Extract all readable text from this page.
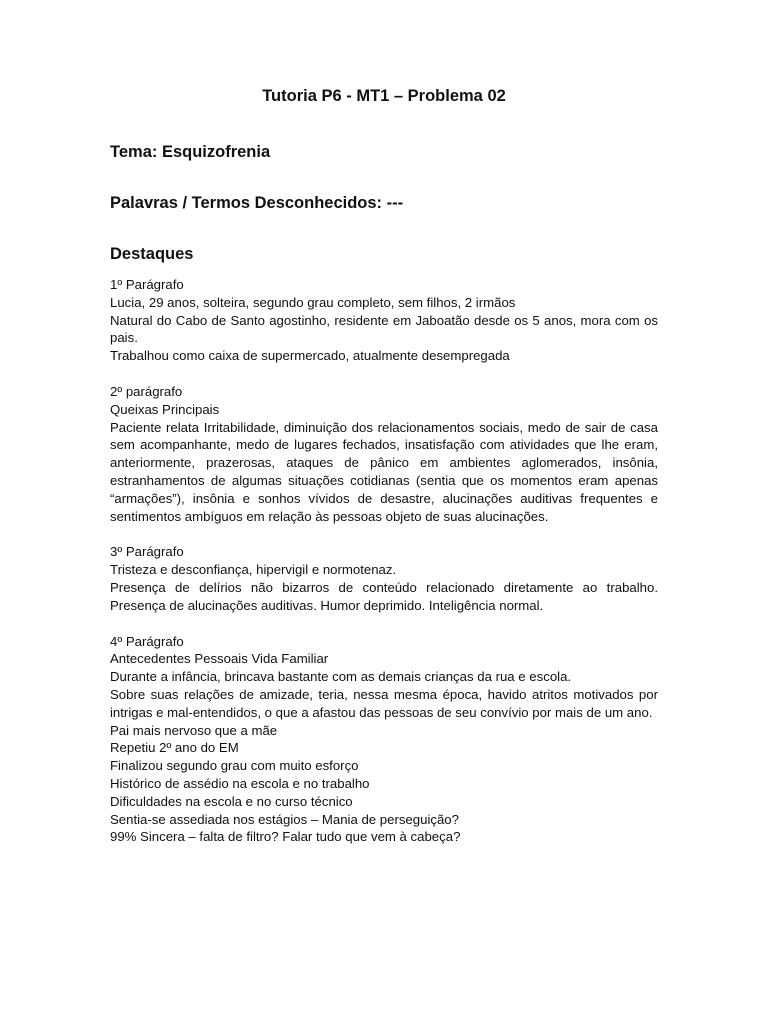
Tutoria P6 - MT1 – Problema 02
Tema: Esquizofrenia
Palavras / Termos Desconhecidos: ---
Destaques

1º Parágrafo

Lucia, 29 anos, solteira, segundo grau completo, sem filhos, 2 irmãos

Natural do Cabo de Santo agostinho, residente em Jaboatão desde os 5 anos, mora com os pais.

Trabalhou como caixa de supermercado, atualmente desempregada

2º parágrafo

Queixas Principais

Paciente relata Irritabilidade, diminuição dos relacionamentos sociais, medo de sair de casa sem acompanhante, medo de lugares fechados, insatisfação com atividades que lhe eram, anteriormente, prazerosas, ataques de pânico em ambientes aglomerados, insônia, estranhamentos de algumas situações cotidianas (sentia que os momentos eram apenas “armações”), insônia e sonhos vívidos de desastre, alucinações auditivas frequentes e sentimentos ambíguos em relação às pessoas objeto de suas alucinações.

3º Parágrafo

Tristeza e desconfiança, hipervigil e normotenaz.

Presença de delírios não bizarros de conteúdo relacionado diretamente ao trabalho. Presença de alucinações auditivas. Humor deprimido. Inteligência normal.

4º Parágrafo

Antecedentes Pessoais Vida Familiar

Durante a infância, brincava bastante com as demais crianças da rua e escola.

Sobre suas relações de amizade, teria, nessa mesma época, havido atritos motivados por intrigas e mal-entendidos, o que a afastou das pessoas de seu convívio por mais de um ano.

Pai mais nervoso que a mãe

Repetiu 2º ano do EM

Finalizou segundo grau com muito esforço

Histórico de assédio na escola e no trabalho

Dificuldades na escola e no curso técnico

Sentia-se assediada nos estágios – Mania de perseguição?

99% Sincera – falta de filtro? Falar tudo que vem à cabeça?
